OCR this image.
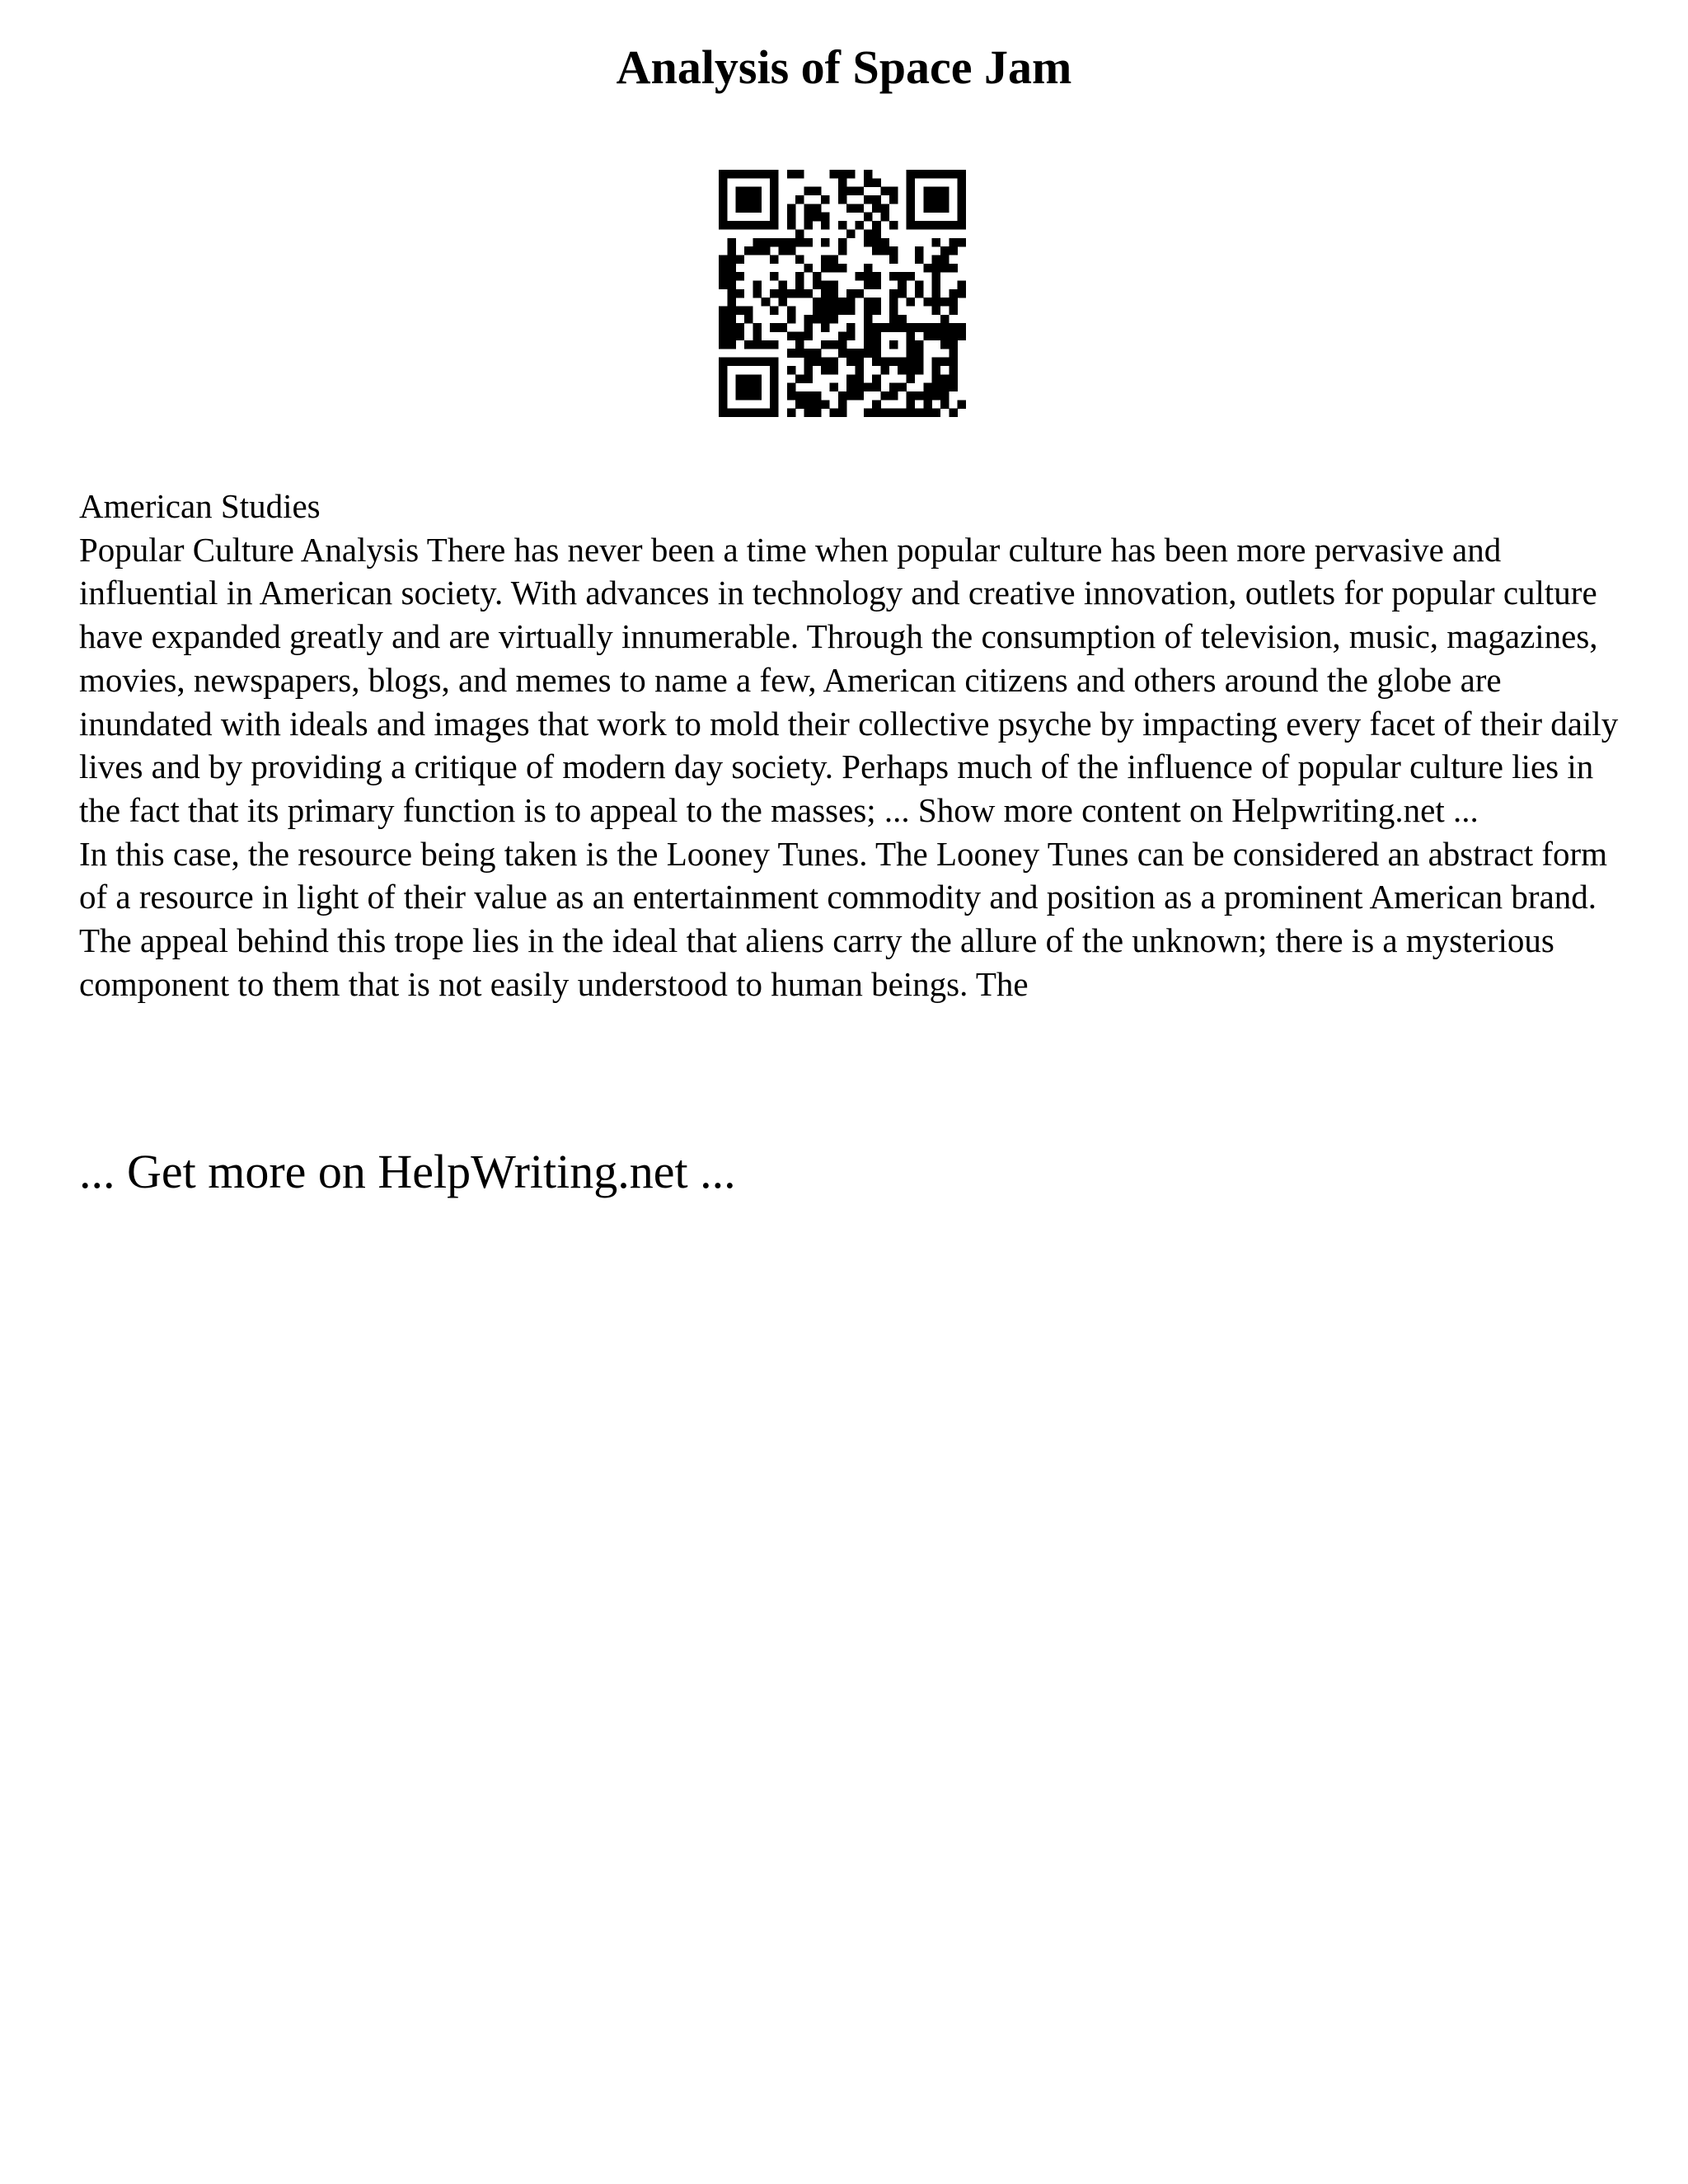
Analysis of Space Jam

American Studies

Popular Culture Analysis There has never been a time when popular culture has been more pervasive and influential in American society. With advances in technology and creative innovation, outlets for popular culture have expanded greatly and are virtually innumerable. Through the consumption of television, music, magazines, movies, newspapers, blogs, and memes to name a few, American citizens and others around the globe are inundated with ideals and images that work to mold their collective psyche by impacting every facet of their daily lives and by providing a critique of modern day society. Perhaps much of the influence of popular culture lies in the fact that its primary function is to appeal to the masses; ... Show more content on Helpwriting.net ...

In this case, the resource being taken is the Looney Tunes. The Looney Tunes can be considered an abstract form of a resource in light of their value as an entertainment commodity and position as a prominent American brand. The appeal behind this trope lies in the ideal that aliens carry the allure of the unknown; there is a mysterious component to them that is not easily understood to human beings. The

... Get more on HelpWriting.net ...
